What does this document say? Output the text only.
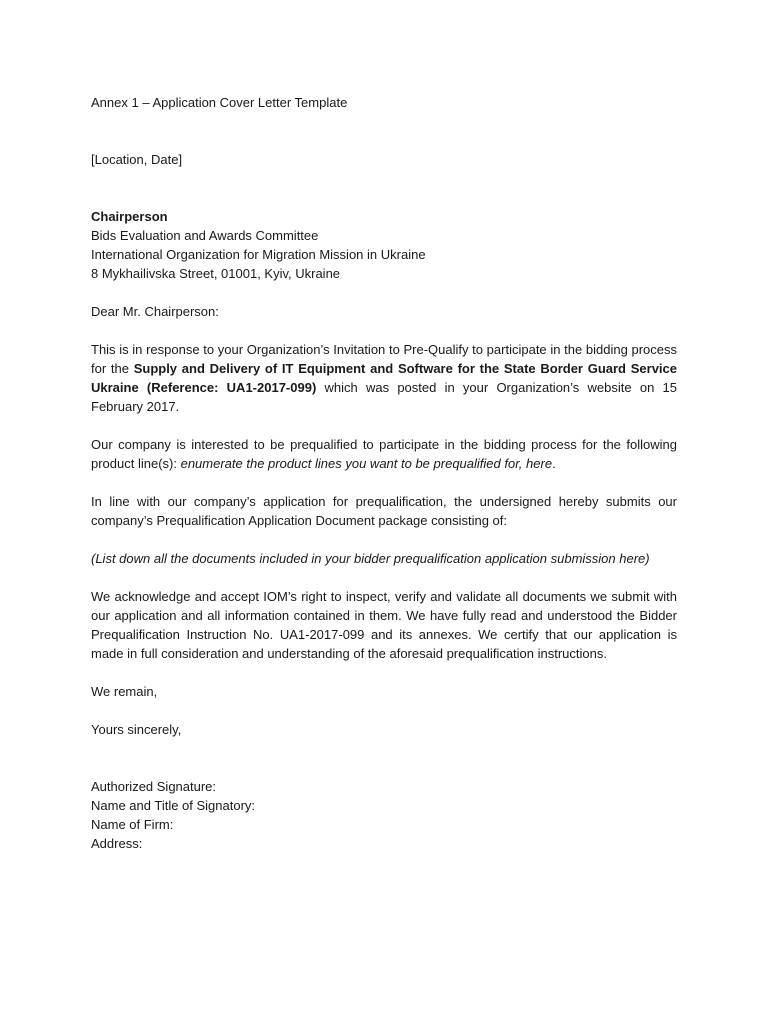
Annex 1 – Application Cover Letter Template

[Location, Date]

Chairperson
Bids Evaluation and Awards Committee
International Organization for Migration Mission in Ukraine
8 Mykhailivska Street, 01001, Kyiv, Ukraine

Dear Mr. Chairperson:

This is in response to your Organization’s Invitation to Pre-Qualify to participate in the bidding process for the Supply and Delivery of IT Equipment and Software for the State Border Guard Service Ukraine (Reference: UA1-2017-099) which was posted in your Organization’s website on 15 February 2017.

Our company is interested to be prequalified to participate in the bidding process for the following product line(s): enumerate the product lines you want to be prequalified for, here.

In line with our company’s application for prequalification, the undersigned hereby submits our company’s Prequalification Application Document package consisting of:

(List down all the documents included in your bidder prequalification application submission here)

We acknowledge and accept IOM’s right to inspect, verify and validate all documents we submit with our application and all information contained in them. We have fully read and understood the Bidder Prequalification Instruction No. UA1-2017-099 and its annexes. We certify that our application is made in full consideration and understanding of the aforesaid prequalification instructions.

We remain,

Yours sincerely,

Authorized Signature:
Name and Title of Signatory:
Name of Firm:
Address:
